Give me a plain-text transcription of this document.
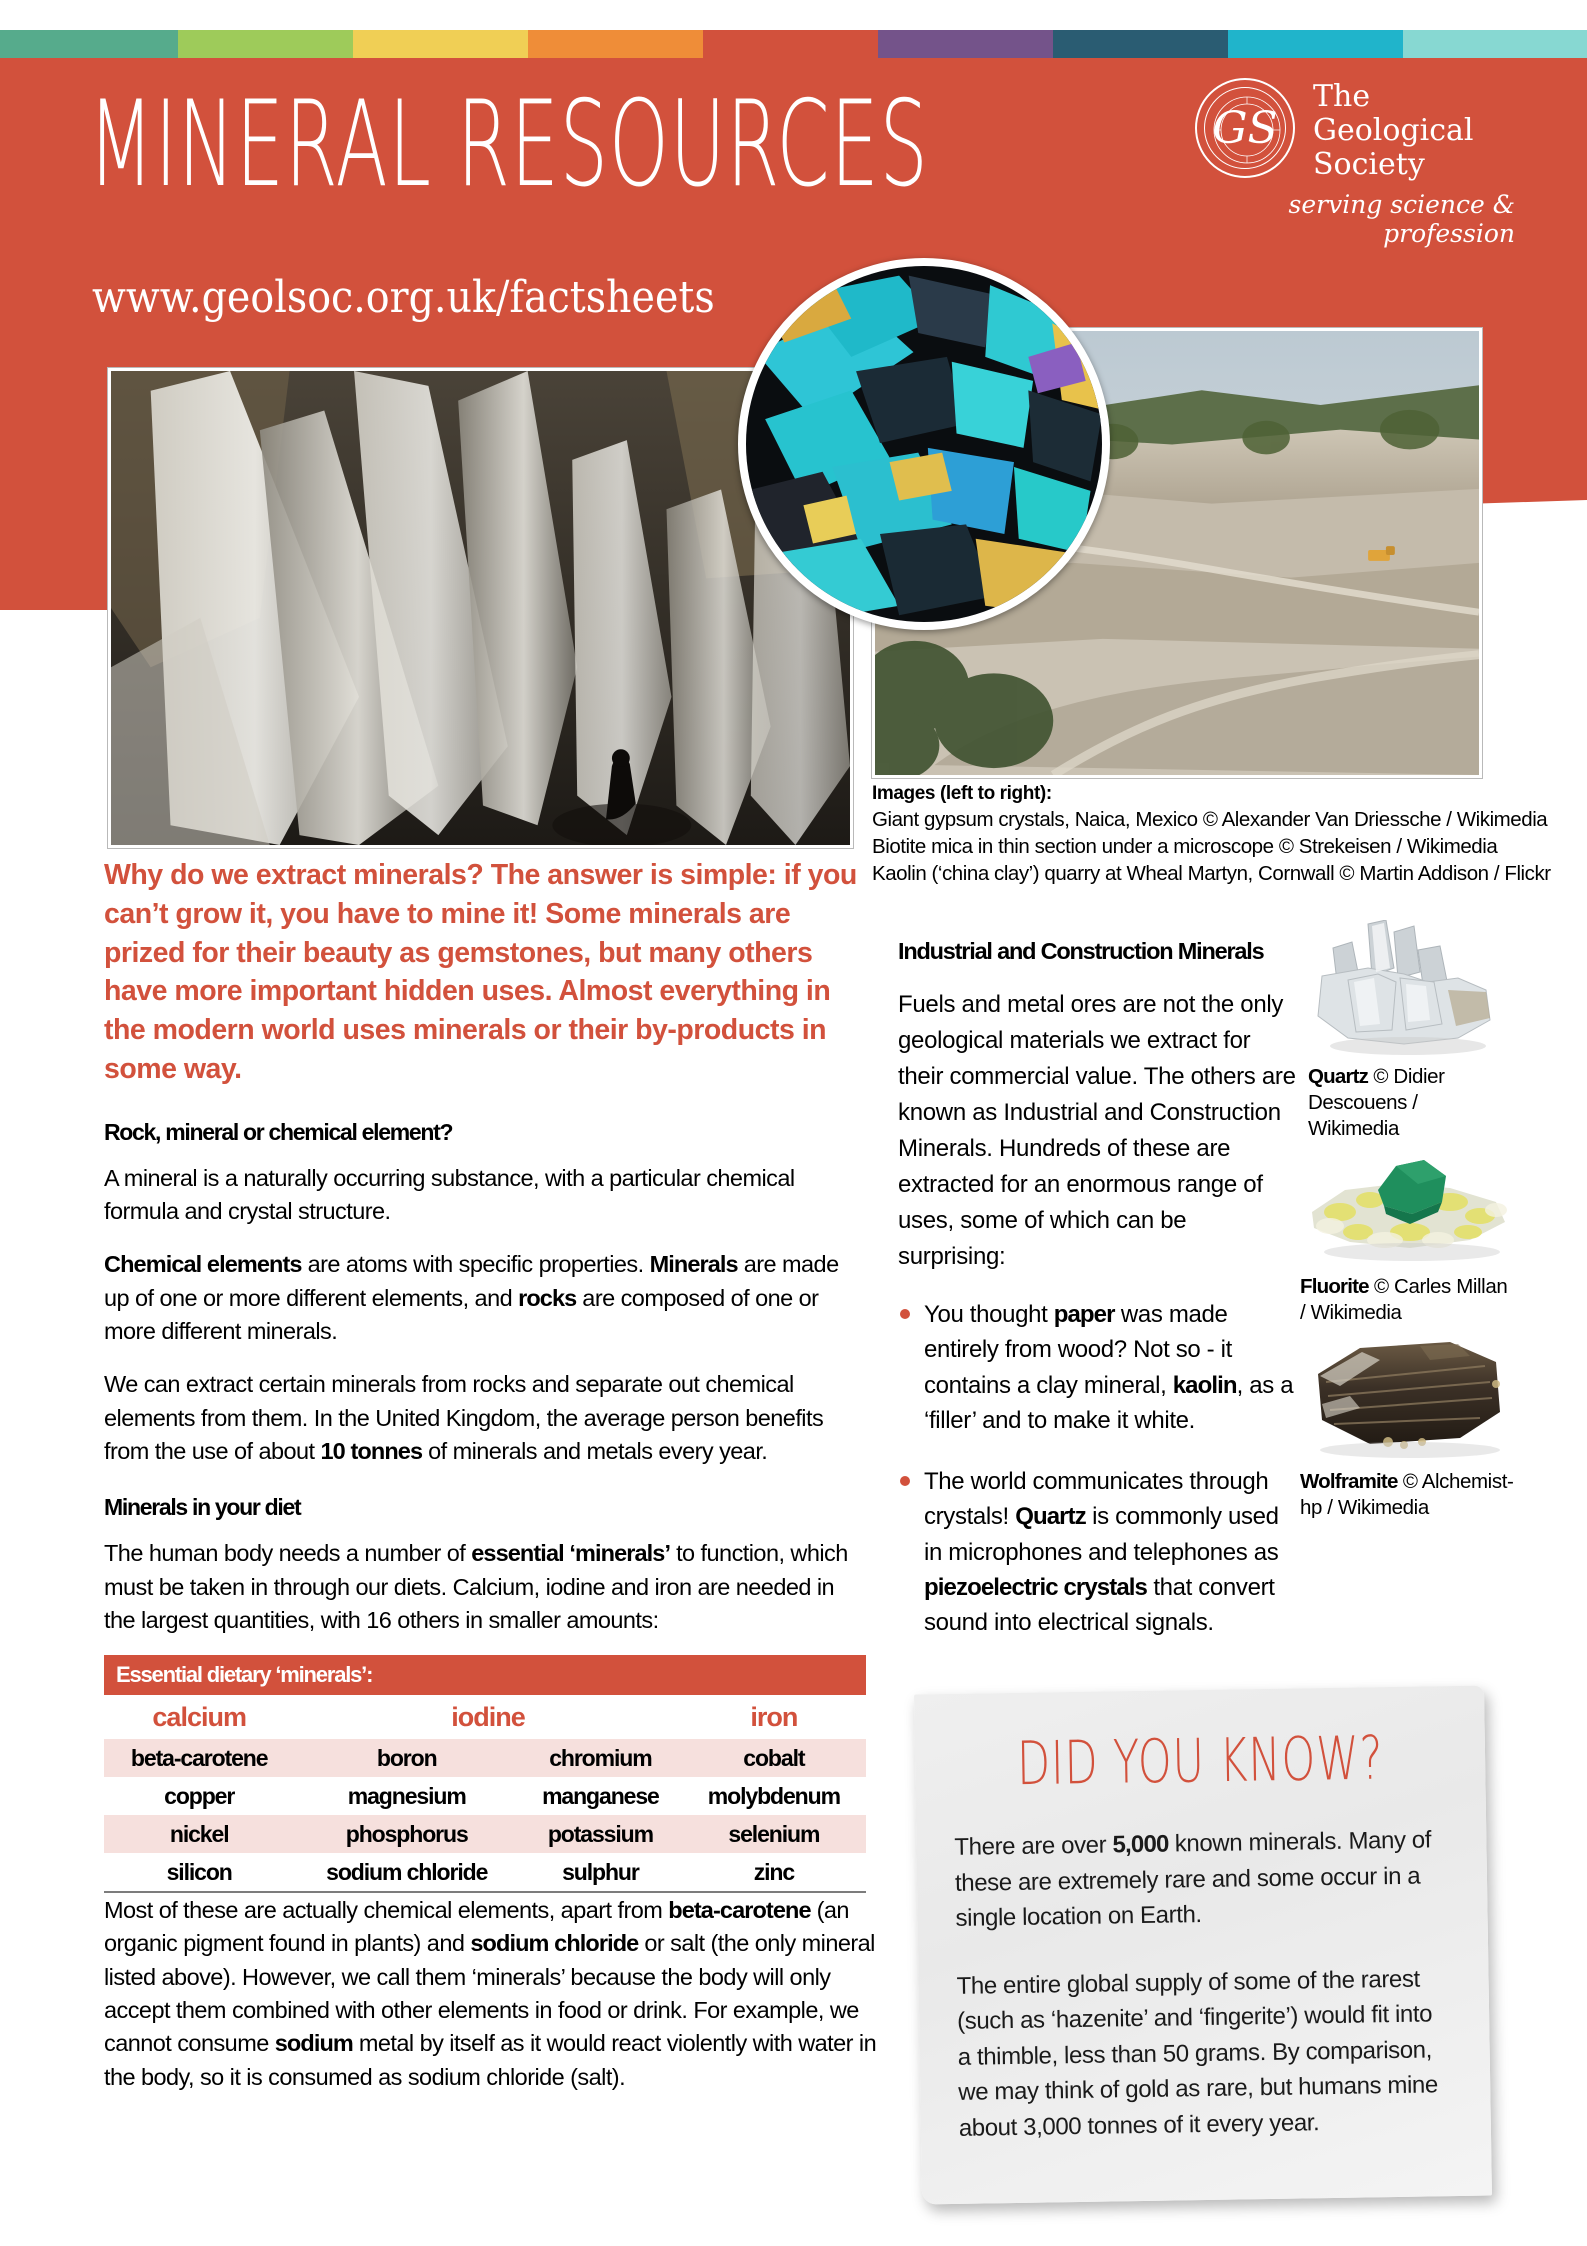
MINERAL RESOURCES
www.geolsoc.org.uk/factsheets
GS
The
Geological
Society
serving science & profession
Images (left to right):
Giant gypsum crystals, Naica, Mexico © Alexander Van Driessche / Wikimedia
Biotite mica in thin section under a microscope © Strekeisen / Wikimedia
Kaolin (‘china clay’) quarry at Wheal Martyn, Cornwall © Martin Addison / Flickr
Why do we extract minerals? The answer is simple: if you can’t grow it, you have to mine it! Some minerals are prized for their beauty as gemstones, but many others have more important hidden uses. Almost everything in the modern world uses minerals or their by-products in some way.
Rock, mineral or chemical element?

A mineral is a naturally occurring substance, with a particular chemical formula and crystal structure.

Chemical elements are atoms with specific properties. Minerals are made up of one or more different elements, and rocks are composed of one or more different minerals.

We can extract certain minerals from rocks and separate out chemical elements from them. In the United Kingdom, the average person benefits from the use of about 10 tonnes of minerals and metals every year.

Minerals in your diet

The human body needs a number of essential ‘minerals’ to function, which must be taken in through our diets. Calcium, iodine and iron are needed in the largest quantities, with 16 others in smaller amounts:

Essential dietary ‘minerals’:			
calcium	iodine		iron
beta-carotene	boron	chromium	cobalt
copper	magnesium	manganese	molybdenum
nickel	phosphorus	potassium	selenium
silicon	sodium chloride	sulphur	zinc

Most of these are actually chemical elements, apart from beta-carotene (an organic pigment found in plants) and sodium chloride or salt (the only mineral listed above). However, we call them ‘minerals’ because the body will only accept them combined with other elements in food or drink. For example, we cannot consume sodium metal by itself as it would react violently with water in the body, so it is consumed as sodium chloride (salt).

Industrial and Construction Minerals

Fuels and metal ores are not the only geological materials we extract for their commercial value. The others are known as Industrial and Construction Minerals. Hundreds of these are extracted for an enormous range of uses, some of which can be surprising:

You thought paper was made entirely from wood? Not so - it contains a clay mineral, kaolin, as a ‘filler’ and to make it white.
The world communicates through crystals! Quartz is commonly used in microphones and telephones as piezoelectric crystals that convert sound into electrical signals.
Quartz © Didier Descouens / Wikimedia
Fluorite © Carles Millan / Wikimedia
Wolframite © Alchemist-hp / Wikimedia
DID YOU KNOW?

There are over 5,000 known minerals. Many of these are extremely rare and some occur in a single location on Earth.

The entire global supply of some of the rarest (such as ‘hazenite’ and ‘fingerite’) would fit into a thimble, less than 50 grams. By comparison, we may think of gold as rare, but humans mine about 3,000 tonnes of it every year.
